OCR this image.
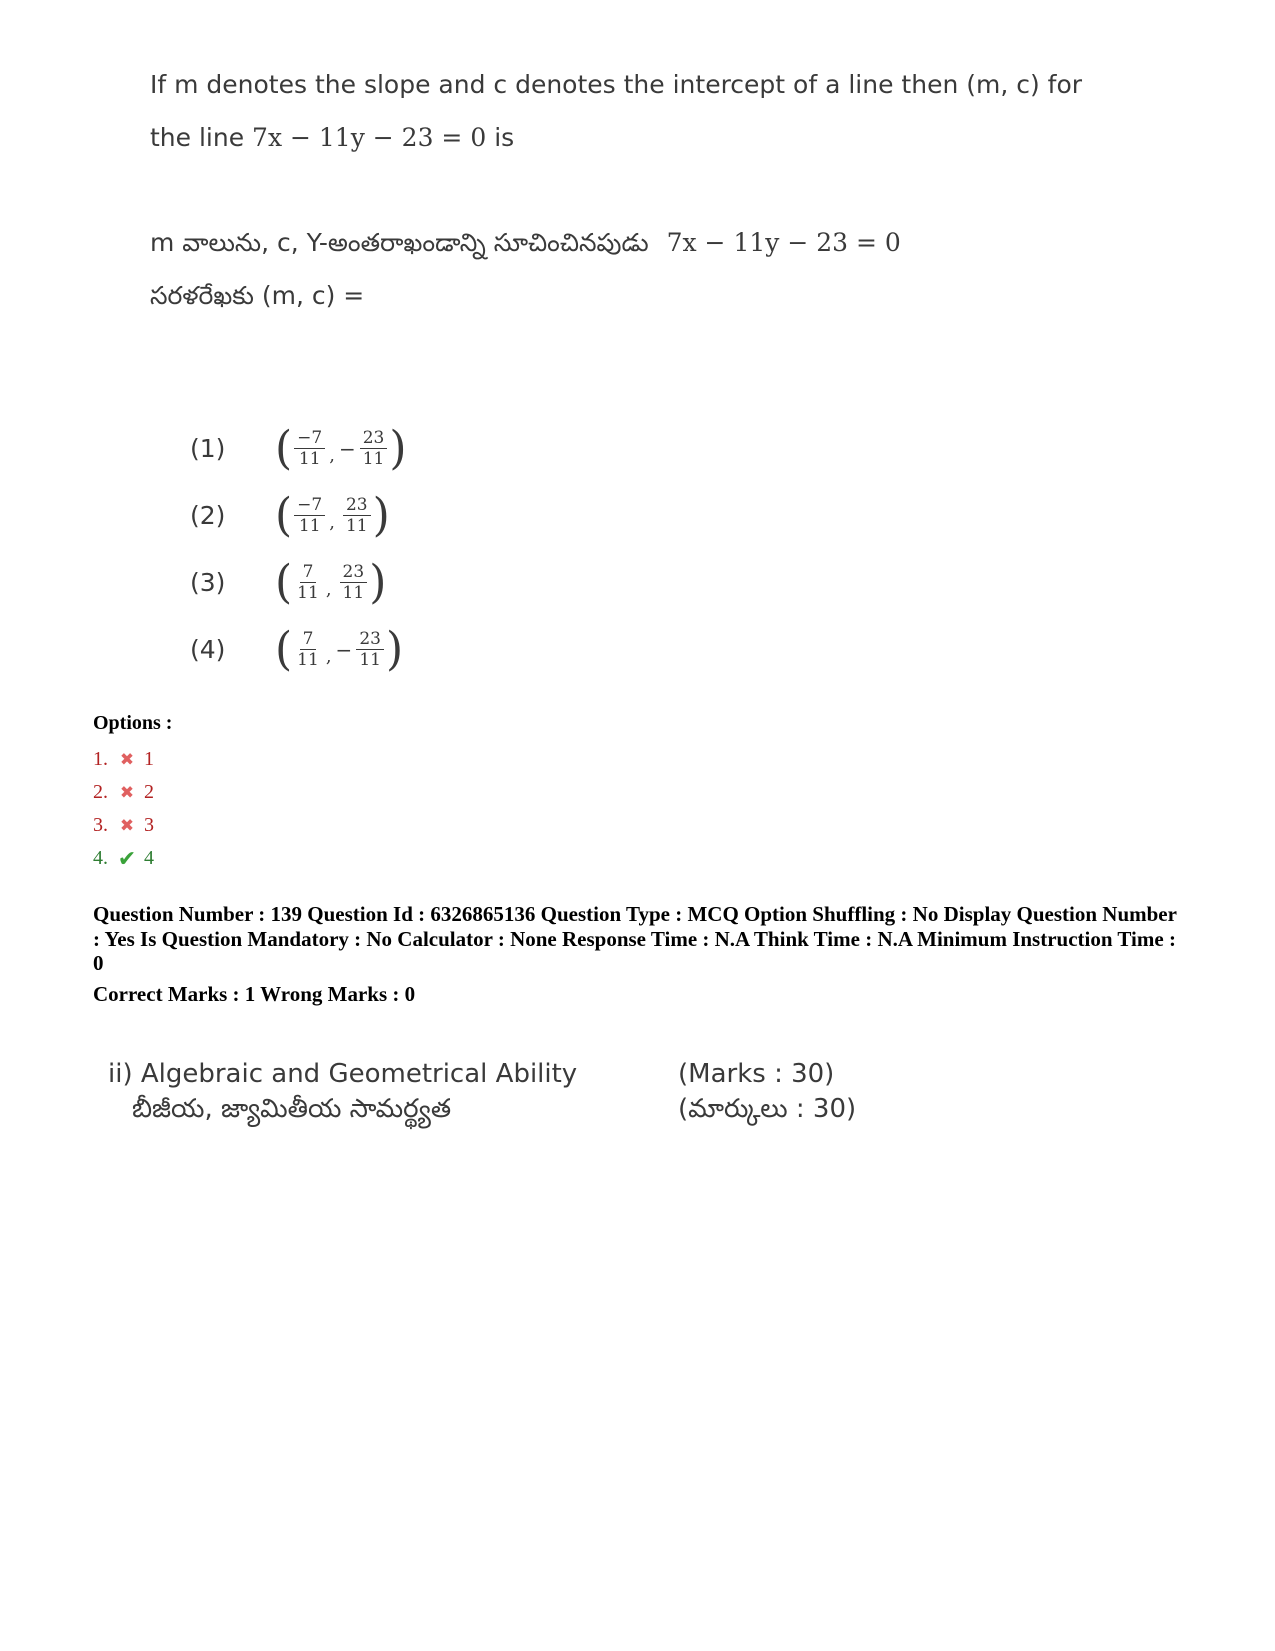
If m denotes the slope and c denotes the intercept of a line then (m, c) for
the line 7x − 11y − 23 = 0 is
m వాలును, c, Y-అంతరాఖండాన్ని సూచించినపుడు 7x − 11y − 23 = 0
సరళరేఖకు (m, c) =
(1)	( $\frac{-7}{11}$ , − $\frac{23}{11}$ )
(2)	( $\frac{-7}{11}$ , $\frac{23}{11}$ )
(3)	( $\frac{7}{11}$ , $\frac{23}{11}$ )
(4)	( $\frac{7}{11}$ , − $\frac{23}{11}$ )
Options :
1. ✖ 1
2. ✖ 2
3. ✖ 3
4. ✔ 4

Question Number : 139 Question Id : 6326865136 Question Type : MCQ Option Shuffling : No Display Question Number : Yes Is Question Mandatory : No Calculator : None Response Time : N.A Think Time : N.A Minimum Instruction Time : 0

Correct Marks : 1 Wrong Marks : 0

ii) Algebraic and Geometrical Ability	(Marks : 30)
బీజీయ, జ్యామితీయ సామర్థ్యత	(మార్కులు : 30)
